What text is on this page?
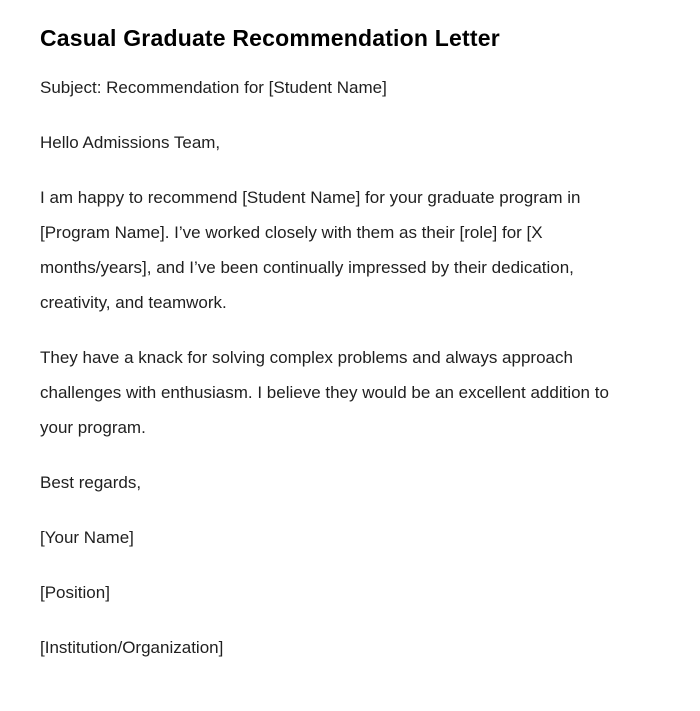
Casual Graduate Recommendation Letter

Subject: Recommendation for [Student Name]

Hello Admissions Team,

I am happy to recommend [Student Name] for your graduate program in [Program Name]. I’ve worked closely with them as their [role] for [X months/years], and I’ve been continually impressed by their dedication, creativity, and teamwork.

They have a knack for solving complex problems and always approach challenges with enthusiasm. I believe they would be an excellent addition to your program.

Best regards,

[Your Name]

[Position]

[Institution/Organization]
